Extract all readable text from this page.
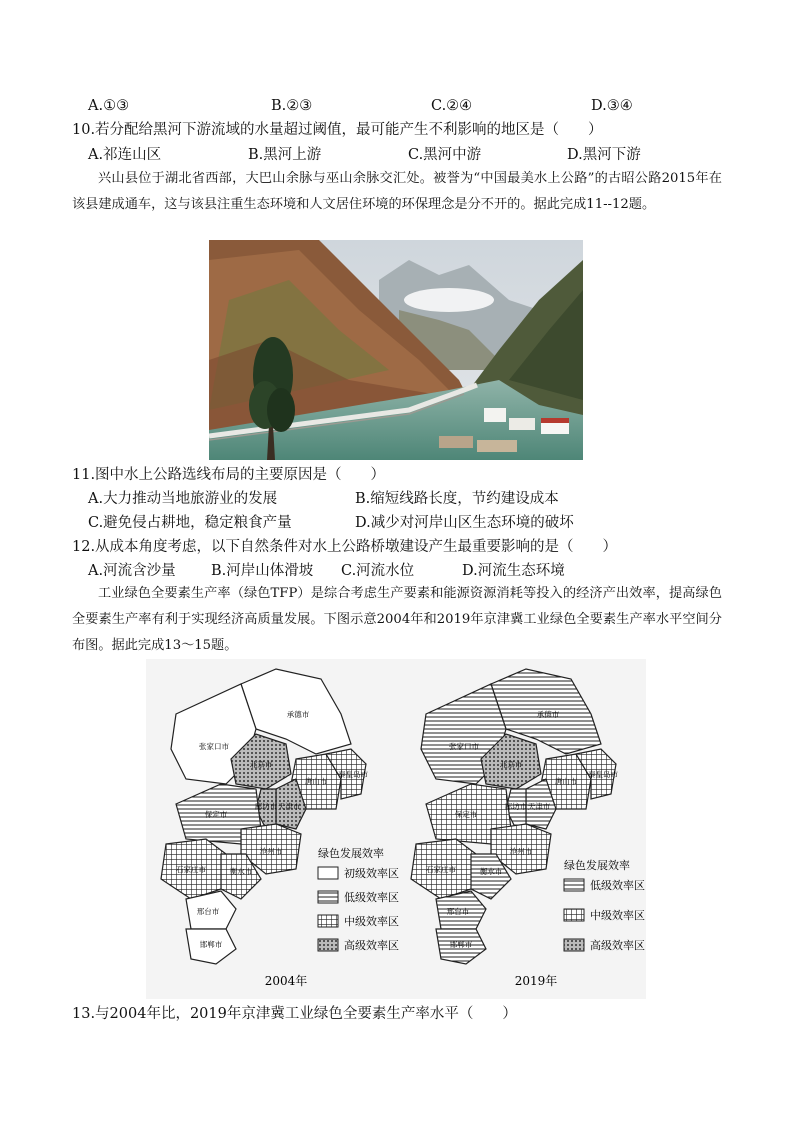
A.①③	B.②③	C.②④	D.③④
10.若分配给黑河下游流域的水量超过阈值，最可能产生不利影响的地区是（　　）
A.祁连山区	B.黑河上游	C.黑河中游	D.黑河下游
兴山县位于湖北省西部，大巴山余脉与巫山余脉交汇处。被誉为“中国最美水上公路”的古昭公路2015年在该县建成通车，这与该县注重生态环境和人文居住环境的环保理念是分不开的。据此完成11--12题。
11.图中水上公路选线布局的主要原因是（　　）
A.大力推动当地旅游业的发展	B.缩短线路长度，节约建设成本
C.避免侵占耕地，稳定粮食产量	D.减少对河岸山区生态环境的破坏
12.从成本角度考虑，以下自然条件对水上公路桥墩建设产生最重要影响的是（　　）
A.河流含沙量 B.河岸山体滑坡 C.河流水位	D.河流生态环境
工业绿色全要素生产率（绿色TFP）是综合考虑生产要素和能源资源消耗等投入的经济产出效率，提高绿色全要素生产率有利于实现经济高质量发展。下图示意2004年和2019年京津冀工业绿色全要素生产率水平空间分布图。据此完成13～15题。
承德市
张家口市
北京市
唐山市
秦皇岛市
天津市
廊坊市
保定市
沧州市
石家庄市	衡水市
邢台市
邯郸市
绿色发展效率
初级效率区
低级效率区
中级效率区
高级效率区
2004年
承德市
张家口市
北京市
唐山市
秦皇岛市
天津市
廊坊市
保定市
沧州市
石家庄市	衡水市
邢台市
邯郸市
绿色发展效率
低级效率区
中级效率区
高级效率区
2019年
13.与2004年比，2019年京津冀工业绿色全要素生产率水平（　　）
